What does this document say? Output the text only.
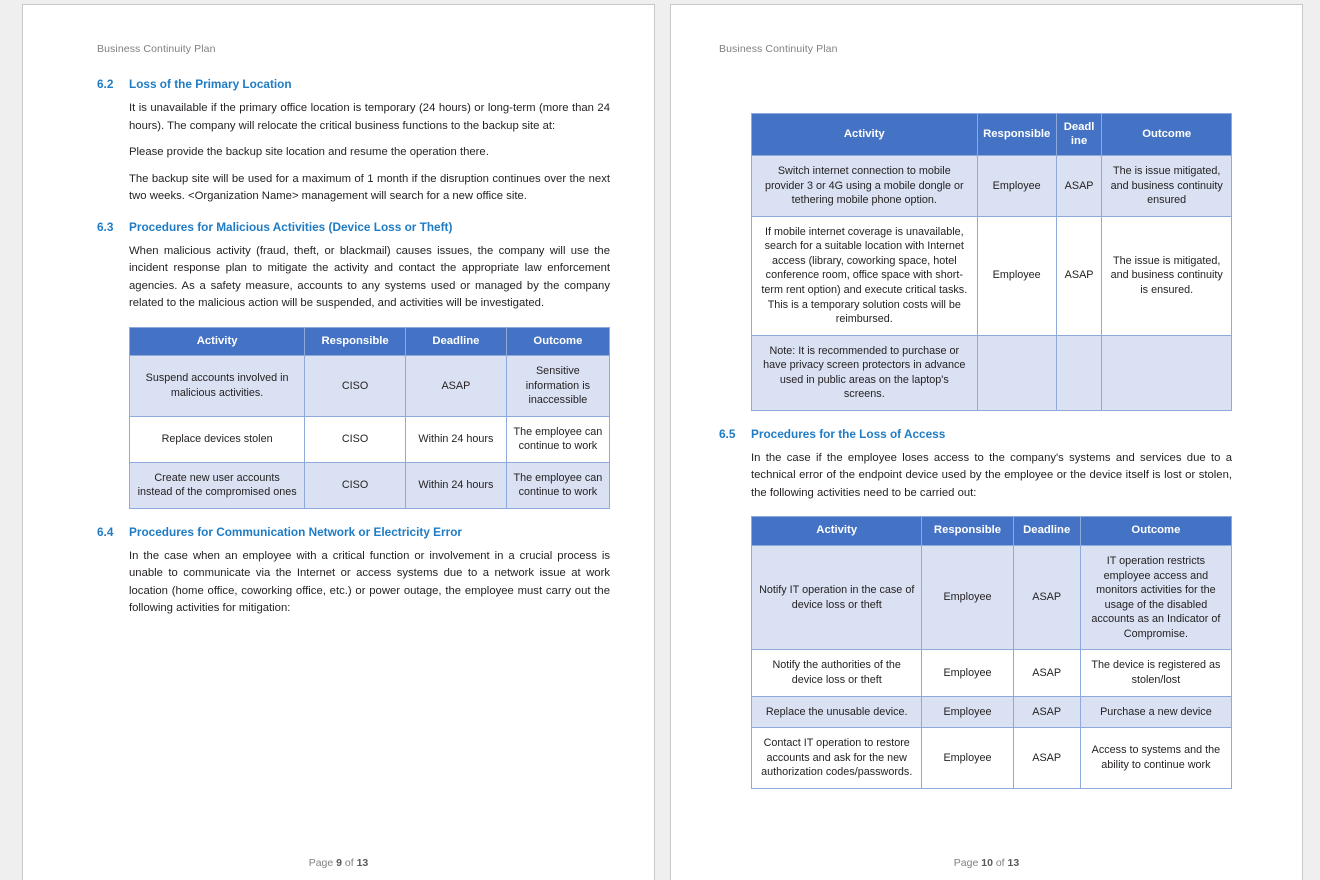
Business Continuity Plan
6.2	Loss of the Primary Location

It is unavailable if the primary office location is temporary (24 hours) or long-term (more than 24 hours). The company will relocate the critical business functions to the backup site at:

Please provide the backup site location and resume the operation there.

The backup site will be used for a maximum of 1 month if the disruption continues over the next two weeks. <Organization Name> management will search for a new office site.

6.3	Procedures for Malicious Activities (Device Loss or Theft)

When malicious activity (fraud, theft, or blackmail) causes issues, the company will use the incident response plan to mitigate the activity and contact the appropriate law enforcement agencies. As a safety measure, accounts to any systems used or managed by the company related to the malicious action will be suspended, and activities will be investigated.

Activity	Responsible	Deadline	Outcome
Suspend accounts involved in malicious activities.	CISO	ASAP	Sensitive information is inaccessible
Replace devices stolen	CISO	Within 24 hours	The employee can continue to work
Create new user accounts instead of the compromised ones	CISO	Within 24 hours	The employee can continue to work
6.4	Procedures for Communication Network or Electricity Error

In the case when an employee with a critical function or involvement in a crucial process is unable to communicate via the Internet or access systems due to a network issue at work location (home office, coworking office, etc.) or power outage, the employee must carry out the following activities for mitigation:

Page 9 of 13
Business Continuity Plan
Activity	Responsible	Deadl ine	Outcome
Switch internet connection to mobile provider 3 or 4G using a mobile dongle or tethering mobile phone option.	Employee	ASAP	The is issue mitigated, and business continuity ensured
If mobile internet coverage is unavailable, search for a suitable location with Internet access (library, coworking space, hotel conference room, office space with short-term rent option) and execute critical tasks. This is a temporary solution costs will be reimbursed.	Employee	ASAP	The issue is mitigated, and business continuity is ensured.
Note: It is recommended to purchase or have privacy screen protectors in advance used in public areas on the laptop's screens.			
6.5	Procedures for the Loss of Access

In the case if the employee loses access to the company's systems and services due to a technical error of the endpoint device used by the employee or the device itself is lost or stolen, the following activities need to be carried out:

Activity	Responsible	Deadline	Outcome
Notify IT operation in the case of device loss or theft	Employee	ASAP	IT operation restricts employee access and monitors activities for the usage of the disabled accounts as an Indicator of Compromise.
Notify the authorities of the device loss or theft	Employee	ASAP	The device is registered as stolen/lost
Replace the unusable device.	Employee	ASAP	Purchase a new device
Contact IT operation to restore accounts and ask for the new authorization codes/passwords.	Employee	ASAP	Access to systems and the ability to continue work
Page 10 of 13
